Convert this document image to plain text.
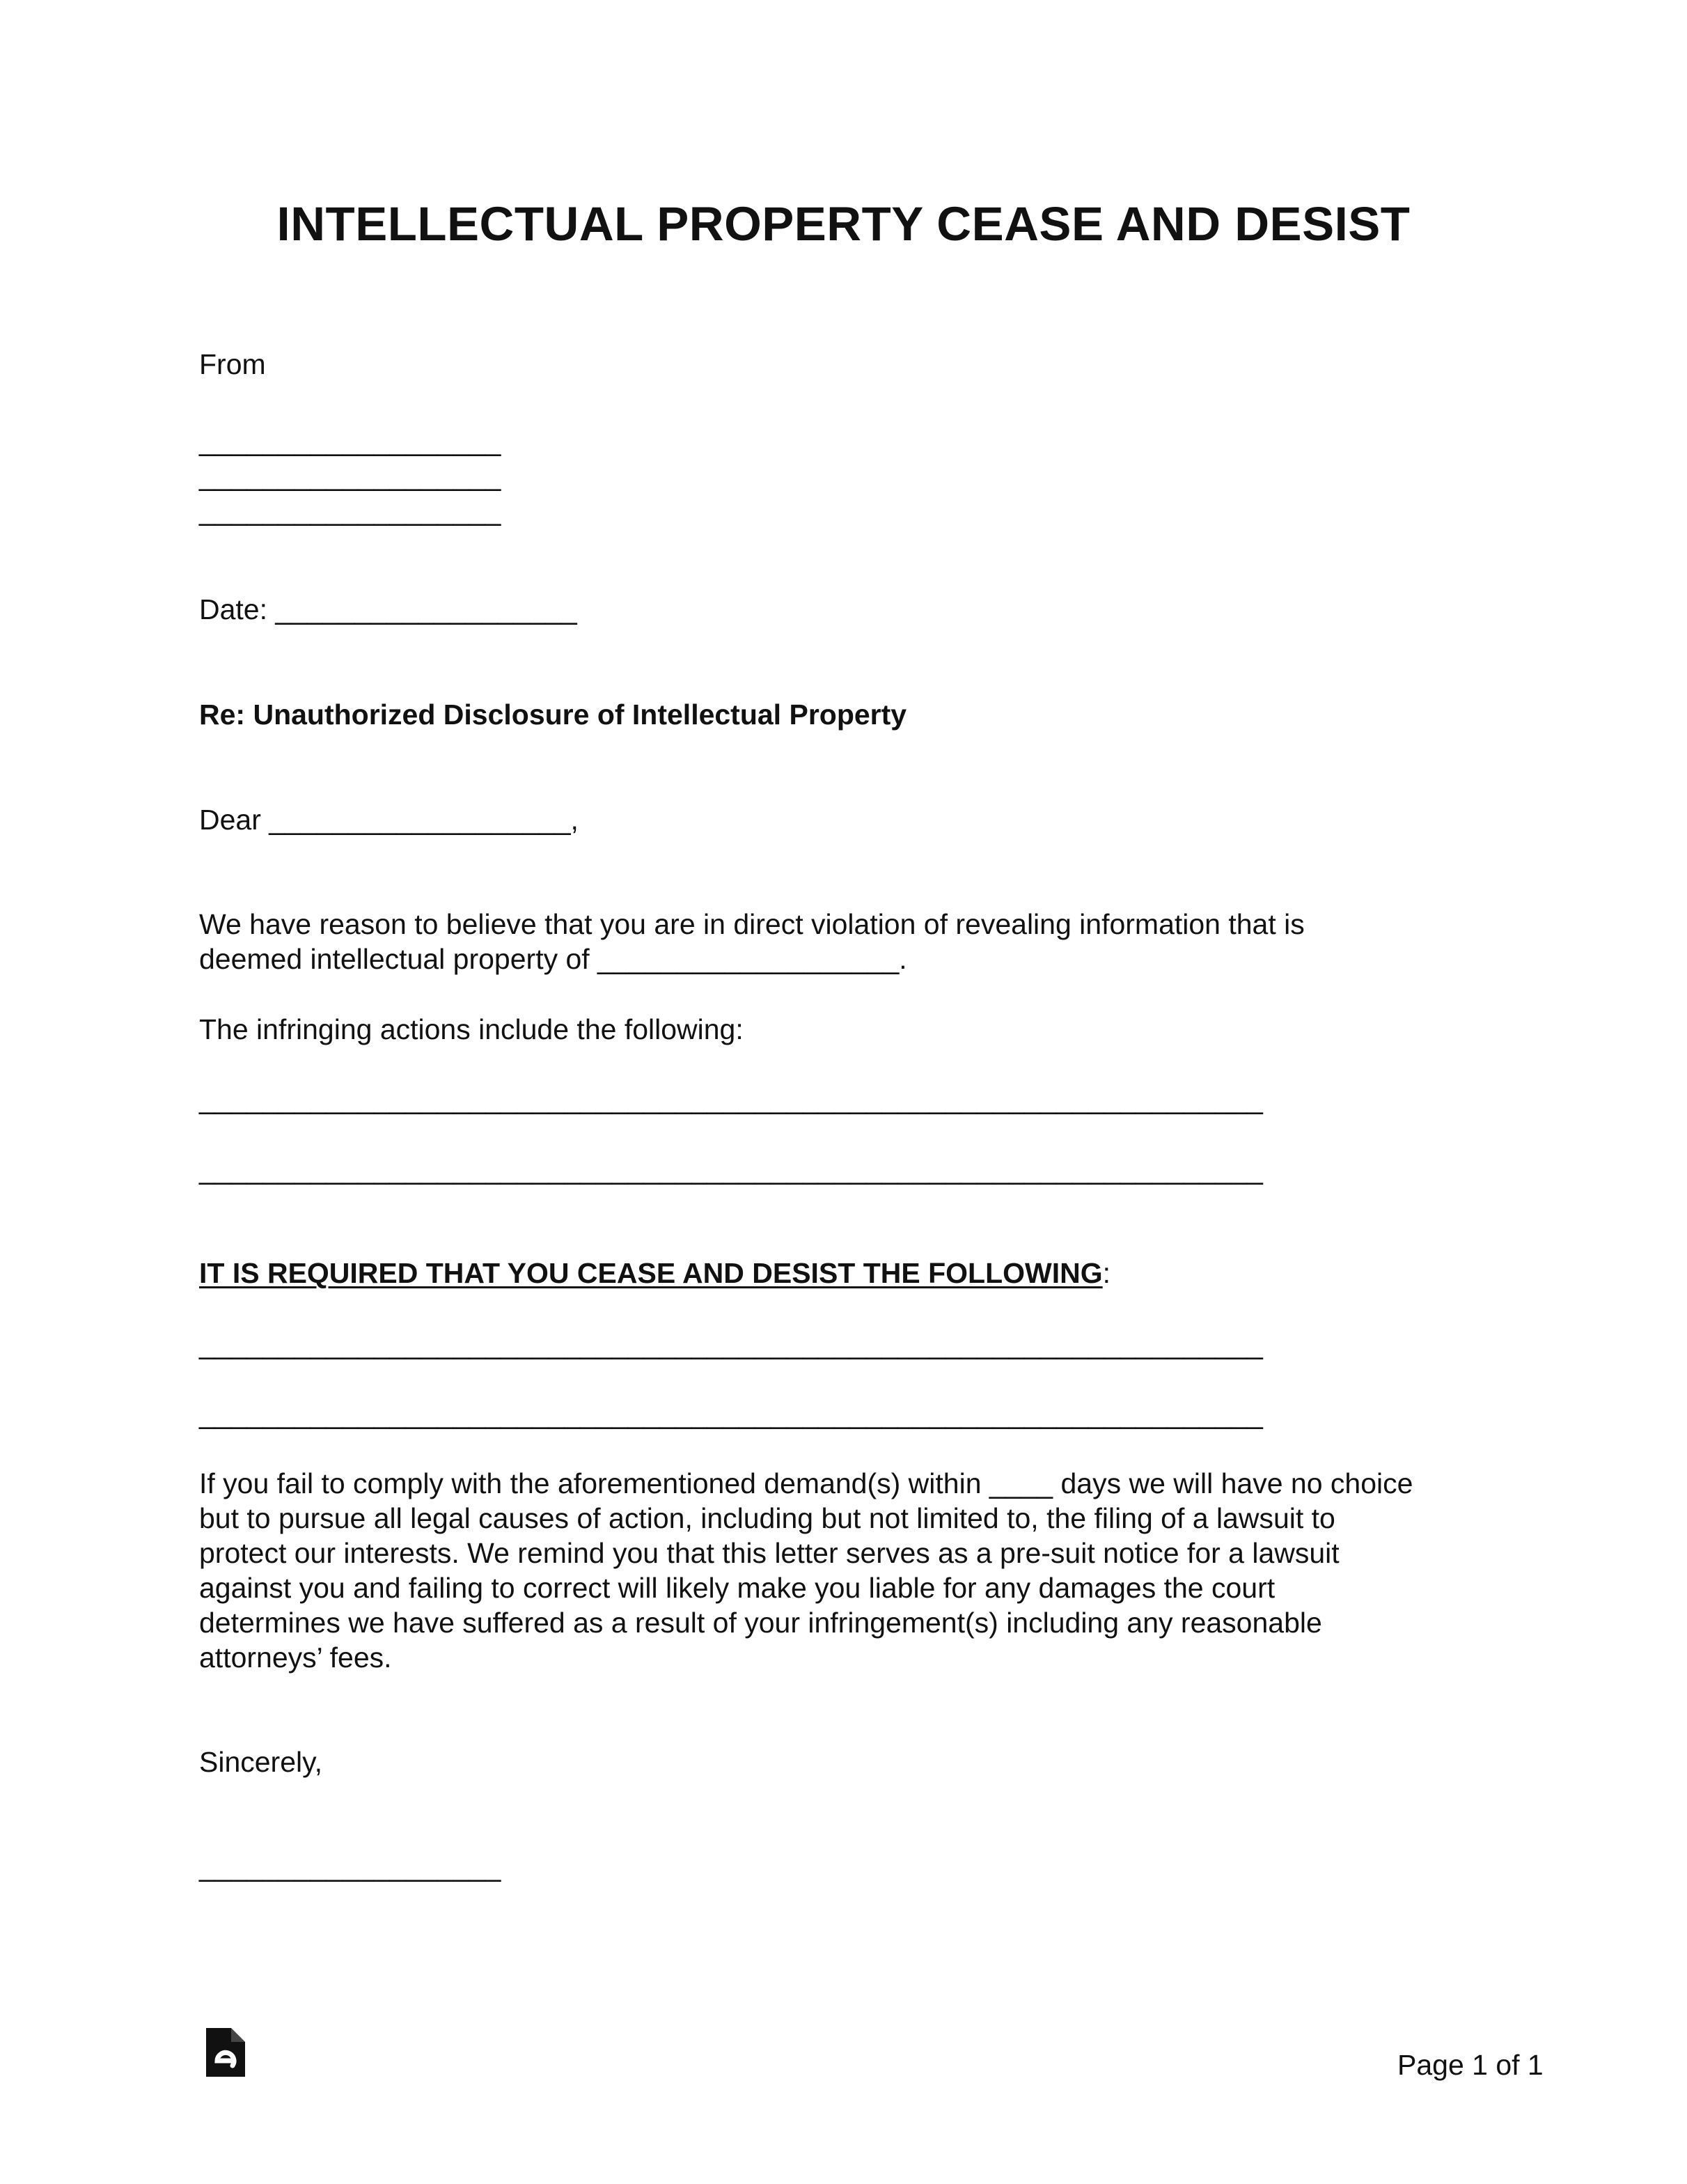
INTELLECTUAL PROPERTY CEASE AND DESIST
From
___________________
___________________
___________________
Date: ___________________
Re: Unauthorized Disclosure of Intellectual Property
Dear ___________________,
We have reason to believe that you are in direct violation of revealing information that is
deemed intellectual property of ___________________.
The infringing actions include the following:
___________________________________________________________________
___________________________________________________________________
IT IS REQUIRED THAT YOU CEASE AND DESIST THE FOLLOWING:
___________________________________________________________________
___________________________________________________________________
If you fail to comply with the aforementioned demand(s) within ____ days we will have no choice
but to pursue all legal causes of action, including but not limited to, the filing of a lawsuit to
protect our interests. We remind you that this letter serves as a pre-suit notice for a lawsuit
against you and failing to correct will likely make you liable for any damages the court
determines we have suffered as a result of your infringement(s) including any reasonable
attorneys’ fees.
Sincerely,
___________________
Page 1 of 1
